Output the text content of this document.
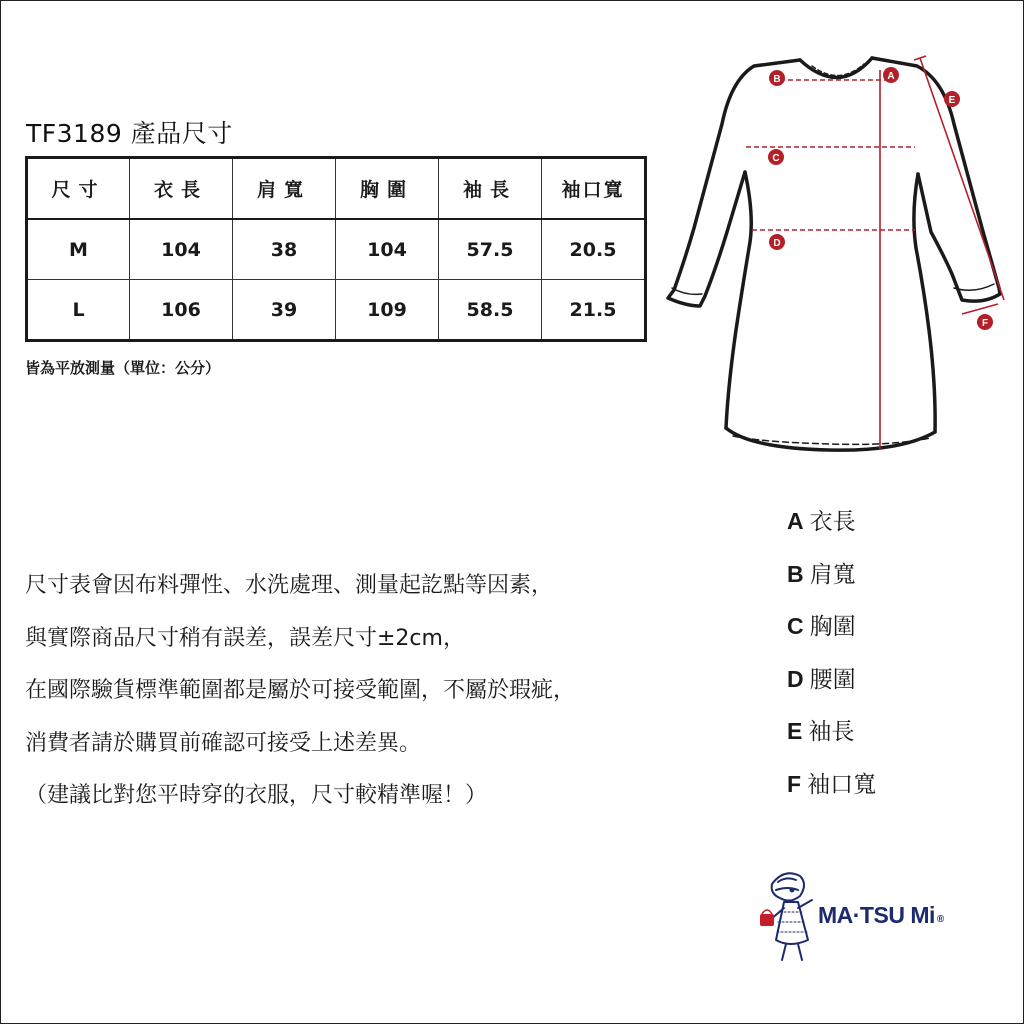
TF3189 產品尺寸
尺寸	衣長	肩寬	胸圍	袖長	袖口寬
M	104	38	104	57.5	20.5
L	106	39	109	58.5	21.5
皆為平放測量（單位：公分）

尺寸表會因布料彈性、水洗處理、測量起訖點等因素，

與實際商品尺寸稍有誤差，誤差尺寸±2cm，

在國際驗貨標準範圍都是屬於可接受範圍，不屬於瑕疵，

消費者請於購買前確認可接受上述差異。

（建議比對您平時穿的衣服，尺寸較精準喔！）

A 衣長
B 肩寬
C 胸圍
D 腰圍
E 袖長
F 袖口寬
A
B
C
D
E
F
MA·TSU Mi ®
